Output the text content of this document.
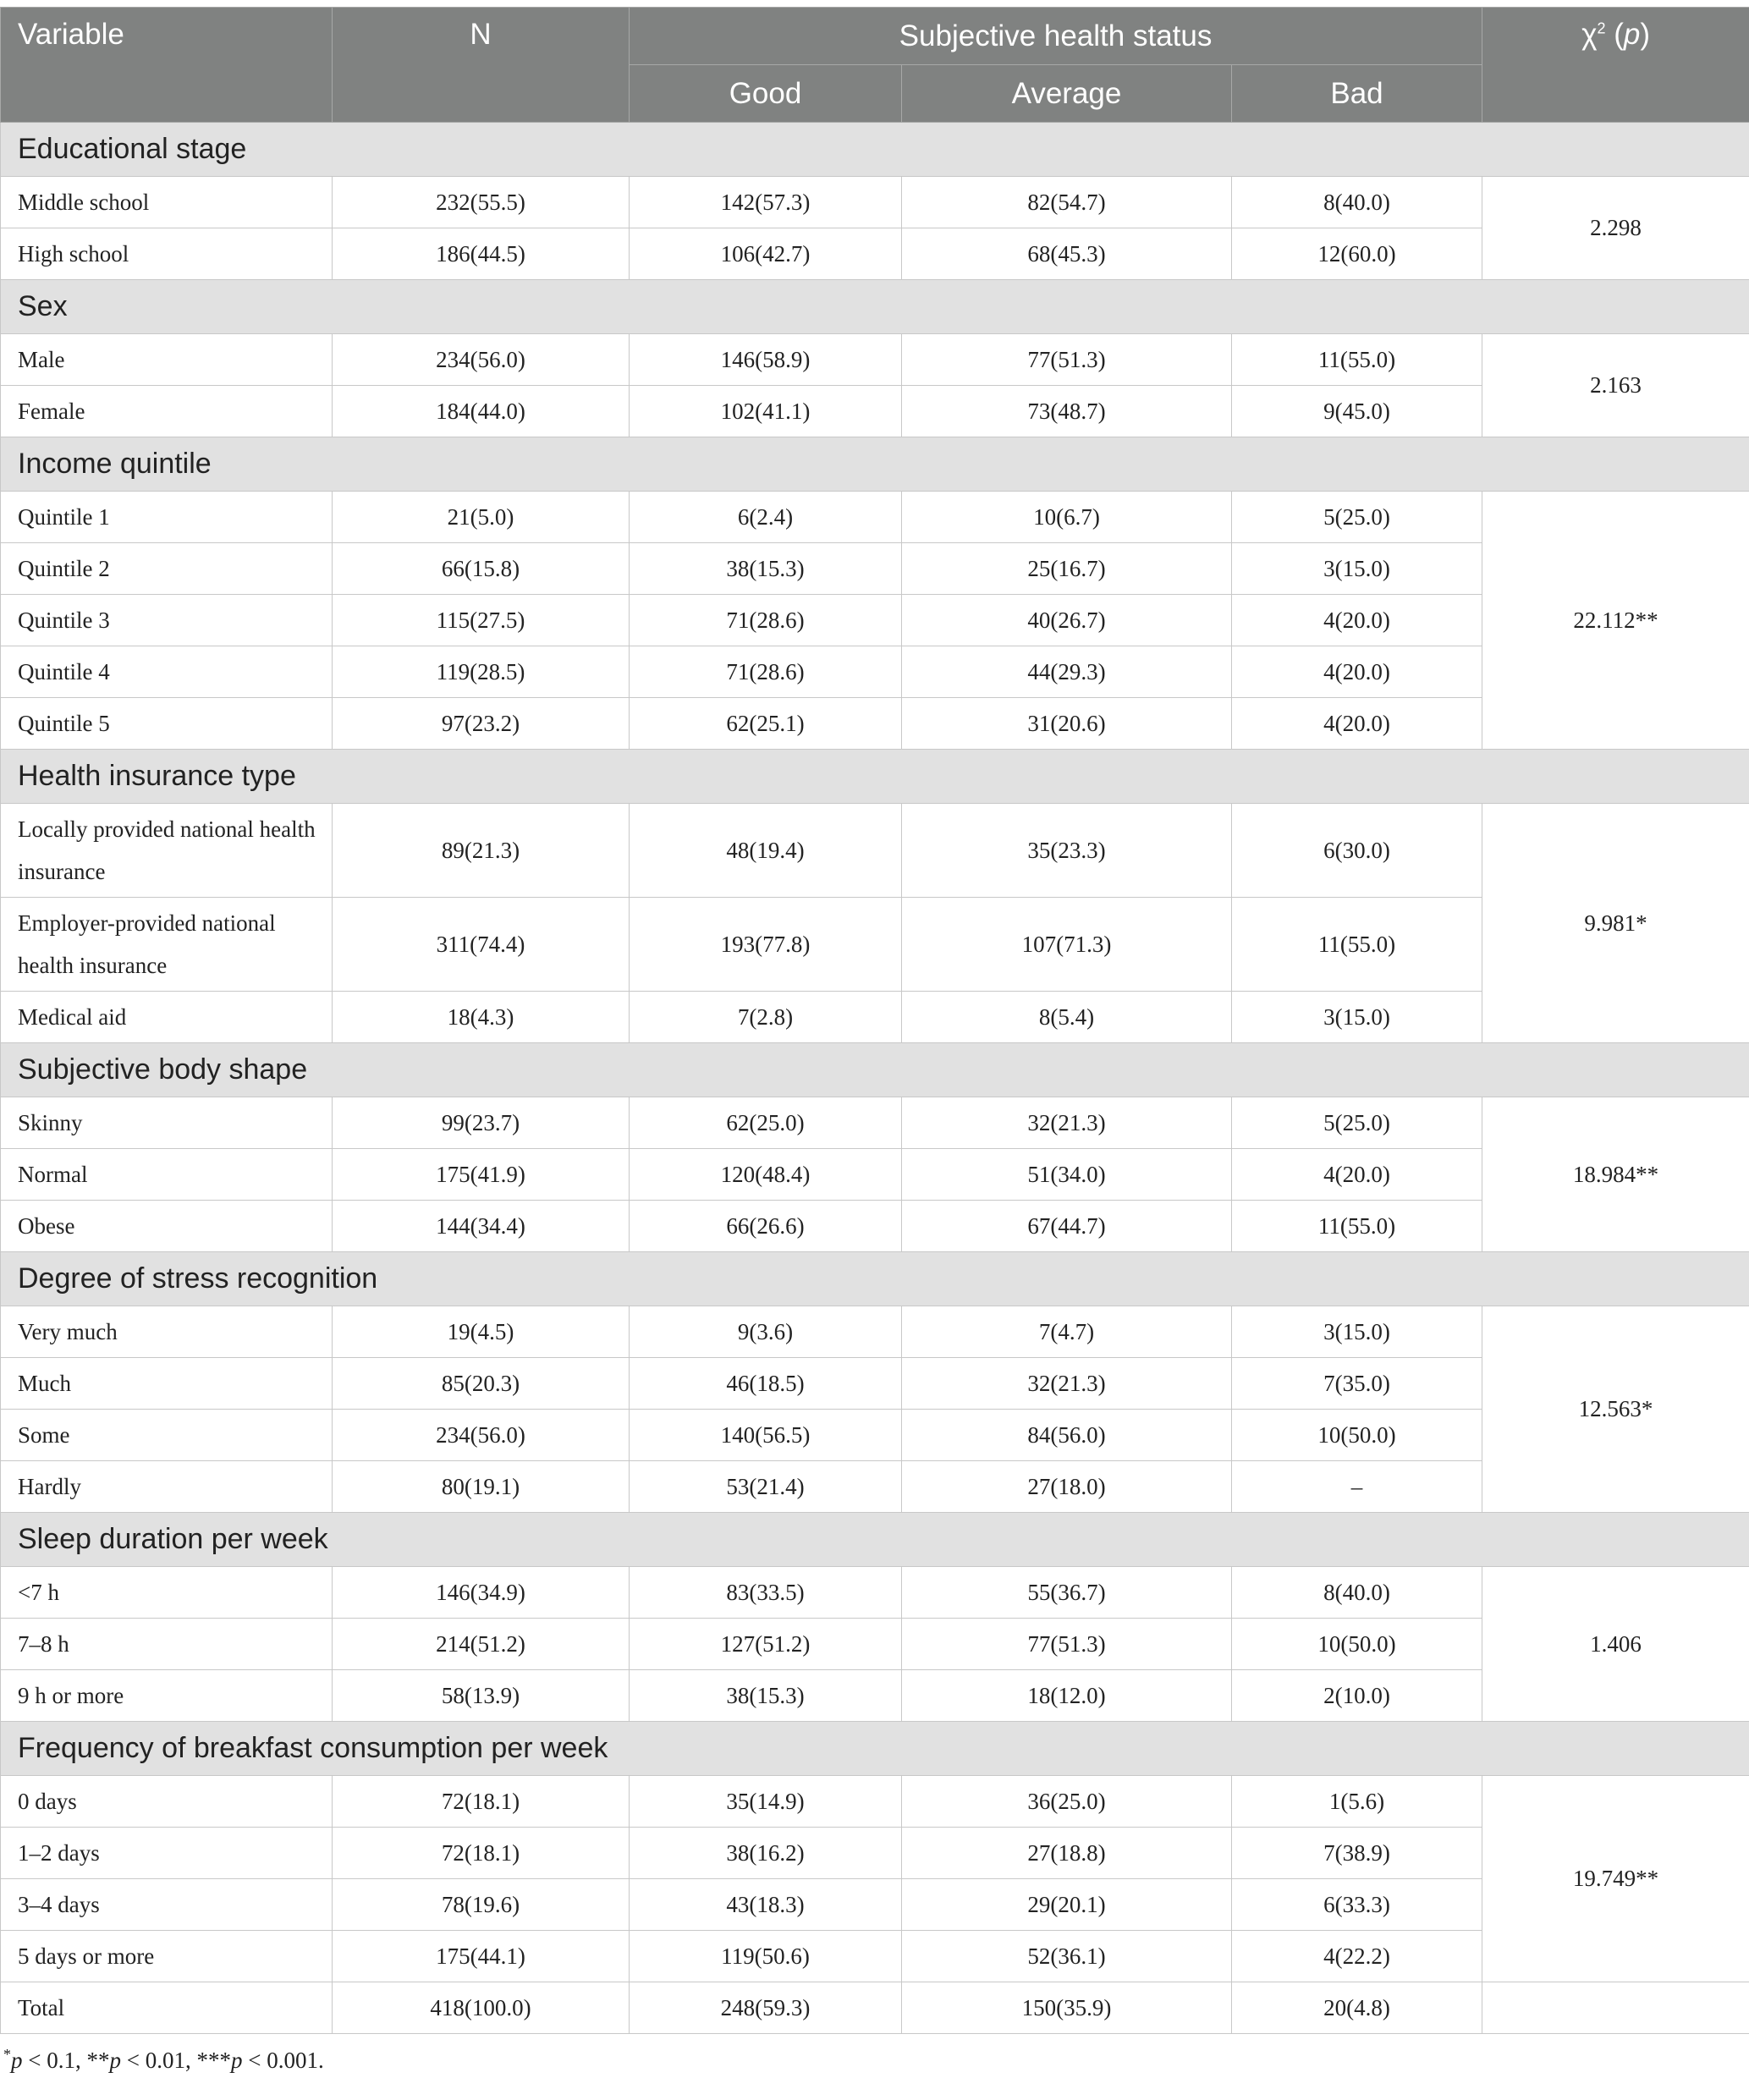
Variable	N	Subjective health status			$\chi^2$ (p)
		Good	Average	Bad	
Educational stage					
Middle school	232(55.5)	142(57.3)	82(54.7)	8(40.0)	2.298
High school	186(44.5)	106(42.7)	68(45.3)	12(60.0)	
Sex					
Male	234(56.0)	146(58.9)	77(51.3)	11(55.0)	2.163
Female	184(44.0)	102(41.1)	73(48.7)	9(45.0)	
Income quintile					
Quintile 1	21(5.0)	6(2.4)	10(6.7)	5(25.0)	22.112**
Quintile 2	66(15.8)	38(15.3)	25(16.7)	3(15.0)	
Quintile 3	115(27.5)	71(28.6)	40(26.7)	4(20.0)	
Quintile 4	119(28.5)	71(28.6)	44(29.3)	4(20.0)	
Quintile 5	97(23.2)	62(25.1)	31(20.6)	4(20.0)	
Health insurance type					
Locally provided national health insurance	89(21.3)	48(19.4)	35(23.3)	6(30.0)	9.981*
Employer-provided national health insurance	311(74.4)	193(77.8)	107(71.3)	11(55.0)	
Medical aid	18(4.3)	7(2.8)	8(5.4)	3(15.0)	
Subjective body shape					
Skinny	99(23.7)	62(25.0)	32(21.3)	5(25.0)	18.984**
Normal	175(41.9)	120(48.4)	51(34.0)	4(20.0)	
Obese	144(34.4)	66(26.6)	67(44.7)	11(55.0)	
Degree of stress recognition					
Very much	19(4.5)	9(3.6)	7(4.7)	3(15.0)	12.563*
Much	85(20.3)	46(18.5)	32(21.3)	7(35.0)	
Some	234(56.0)	140(56.5)	84(56.0)	10(50.0)	
Hardly	80(19.1)	53(21.4)	27(18.0)	–	
Sleep duration per week					
<7 h	146(34.9)	83(33.5)	55(36.7)	8(40.0)	1.406
7–8 h	214(51.2)	127(51.2)	77(51.3)	10(50.0)	
9 h or more	58(13.9)	38(15.3)	18(12.0)	2(10.0)	
Frequency of breakfast consumption per week					
0 days	72(18.1)	35(14.9)	36(25.0)	1(5.6)	19.749**
1–2 days	72(18.1)	38(16.2)	27(18.8)	7(38.9)	
3–4 days	78(19.6)	43(18.3)	29(20.1)	6(33.3)	
5 days or more	175(44.1)	119(50.6)	52(36.1)	4(22.2)	
Total	418(100.0)	248(59.3)	150(35.9)	20(4.8)	
*p < 0.1, **p < 0.01, ***p < 0.001.
